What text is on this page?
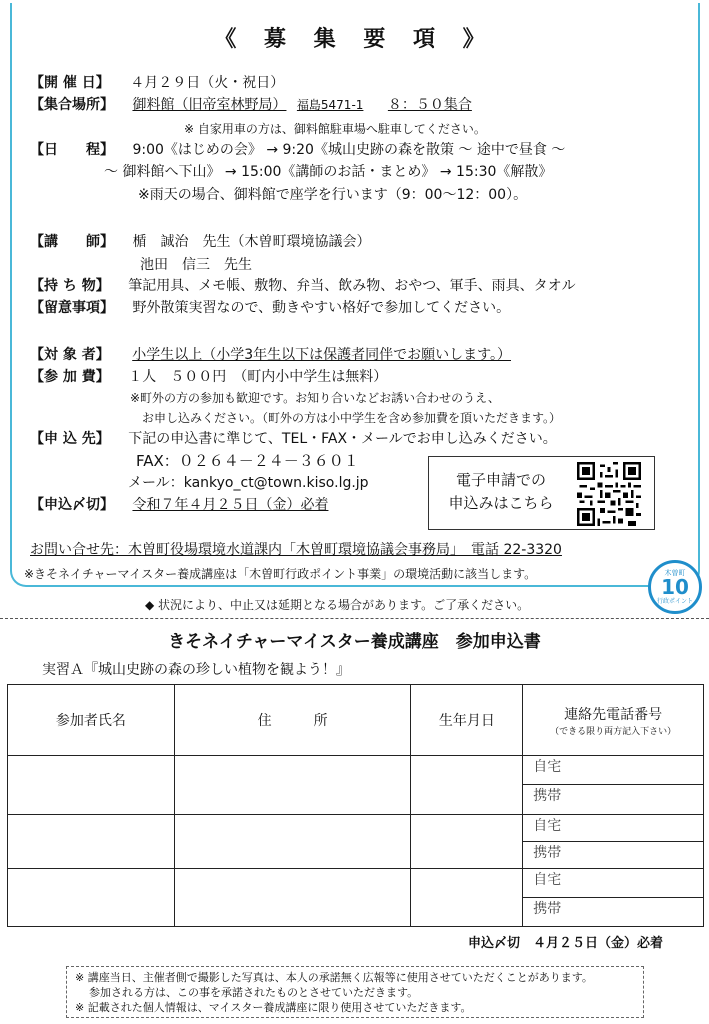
《 募 集 要 項 》
【開 催 日】 ４月２９日（火・祝日）
【集合場所】 御料館（旧帝室林野局） 福島5471-1 ８：５０集合
※ 自家用車の方は、御料館駐車場へ駐車してください。
【日　　程】 9:00《はじめの会》 → 9:20《城山史跡の森を散策 ～ 途中で昼食 ～
～ 御料館へ下山》 → 15:00《講師のお話・まとめ》 → 15:30《解散》
※雨天の場合、御料館で座学を行います（9：00～12：00）。
【講　　師】 楯　誠治　先生（木曽町環境協議会）
池田　信三　先生
【持 ち 物】 筆記用具、メモ帳、敷物、弁当、飲み物、おやつ、軍手、雨具、タオル
【留意事項】 野外散策実習なので、動きやすい格好で参加してください。
【対 象 者】 小学生以上（小学3年生以下は保護者同伴でお願いします。）
【参 加 費】 １人　５００円　（町内小中学生は無料）
※町外の方の参加も歓迎です。お知り合いなどお誘い合わせのうえ、
お申し込みください。（町外の方は小中学生を含め参加費を頂いただきます。）
【申 込 先】 下記の申込書に準じて、TEL・FAX・メールでお申し込みください。
FAX：０２６４－２４－３６０１
メール：kankyo_ct@town.kiso.lg.jp
【申込〆切】 令和７年４月２５日（金）必着
電子申請での
申込みはこちら
お問い合せ先：木曽町役場環境水道課内「木曽町環境協議会事務局」　電話 22-3320
※きそネイチャーマイスター養成講座は「木曽町行政ポイント事業」の環境活動に該当します。	木曽町
10
行政ポイント
◆ 状況により、中止又は延期となる場合があります。ご了承ください。
きそネイチャーマイスター養成講座　参加申込書
実習Ａ『城山史跡の森の珍しい植物を観よう！』
参加者氏名	住　　　所	生年月日	連絡先電話番号
（できる限り両方記入下さい）

			自宅
			携帯
			自宅
			携帯
			自宅
			携帯
申込〆切　４月２５日（金）必着
※ 講座当日、主催者側で撮影した写真は、本人の承諾無く広報等に使用させていただくことがあります。
参加される方は、この事を承諾されたものとさせていただきます。
※ 記載された個人情報は、マイスター養成講座に限り使用させていただきます。
